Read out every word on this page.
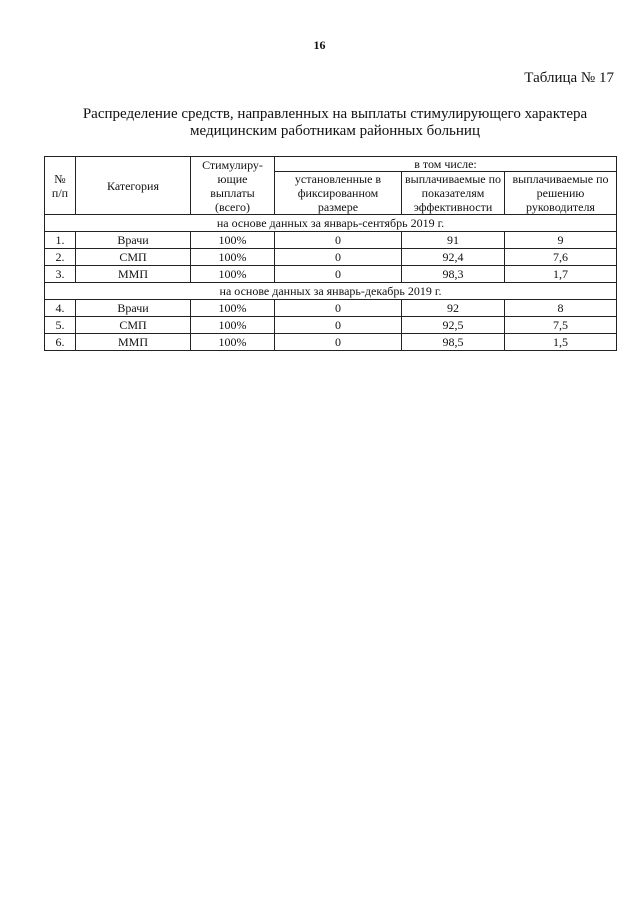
16
Таблица № 17
Распределение средств, направленных на выплаты стимулирующего характера
медицинским работникам районных больниц
№ п/п	Категория	Стимулиру-ющие выплаты (всего)	в том числе:		
			установленные в фиксированном размере	выплачиваемые по показателям эффективности	выплачиваемые по решению руководителя
на основе данных за январь-сентябрь 2019 г.					
1.	Врачи	100%	0	91	9
2.	СМП	100%	0	92,4	7,6
3.	ММП	100%	0	98,3	1,7
на основе данных за январь-декабрь 2019 г.					
4.	Врачи	100%	0	92	8
5.	СМП	100%	0	92,5	7,5
6.	ММП	100%	0	98,5	1,5
